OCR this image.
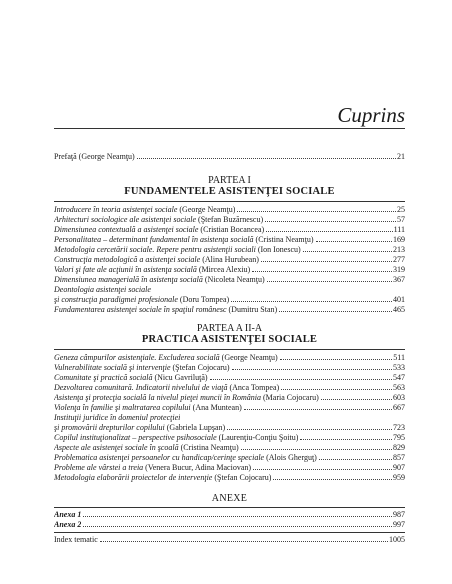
Cuprins
Prefaţă (George Neamţu)	21
PARTEA I
FUNDAMENTELE ASISTENŢEI SOCIALE
Introducere în teoria asistenţei sociale (George Neamţu)	25
Arhitecturi sociologice ale asistenţei sociale (Ştefan Buzărnescu)	57
Dimensiunea contextuală a asistenţei sociale (Cristian Bocancea)	111
Personalitatea – determinant fundamental în asistenţa socială (Cristina Neamţu)	169
Metodologia cercetării sociale. Repere pentru asistenţii sociali (Ion Ionescu)	213
Construcţia metodologică a asistenţei sociale (Alina Hurubean)	277
Valori şi fate ale acţiunii în asistenţa socială (Mircea Alexiu)	319
Dimensiunea managerială în asistenţa socială (Nicoleta Neamţu)	367
Deontologia asistenţei sociale
şi construcţia paradigmei profesionale (Doru Tompea)	401
Fundamentarea asistenţei sociale în spaţiul românesc (Dumitru Stan)	465
PARTEA A II-A
PRACTICA ASISTENŢEI SOCIALE
Geneza câmpurilor asistenţiale. Excluderea socială (George Neamţu)	511
Vulnerabilitate socială şi intervenţie (Ştefan Cojocaru)	533
Comunitate şi practică socială (Nicu Gavriluţă)	547
Dezvoltarea comunitară. Indicatorii nivelului de viaţă (Anca Tompea)	563
Asistenţa şi protecţia socială la nivelul pieţei muncii în România (Maria Cojocaru)	603
Violenţa în familie şi maltratarea copilului (Ana Muntean)	667
Instituţii juridice în domeniul protecţiei
şi promovării drepturilor copilului (Gabriela Lupşan)	723
Copilul instituţionalizat – perspective psihosociale (Laurenţiu-Conţiu Şoitu)	795
Aspecte ale asistenţei sociale în şcoală (Cristina Neamţu)	829
Problematica asistenţei persoanelor cu handicap/cerinţe speciale (Alois Gherguţ)	857
Probleme ale vârstei a treia (Venera Bucur, Adina Maciovan)	907
Metodologia elaborării proiectelor de intervenţie (Ştefan Cojocaru)	959
ANEXE
Anexa 1	987
Anexa 2	997
Index tematic	1005
